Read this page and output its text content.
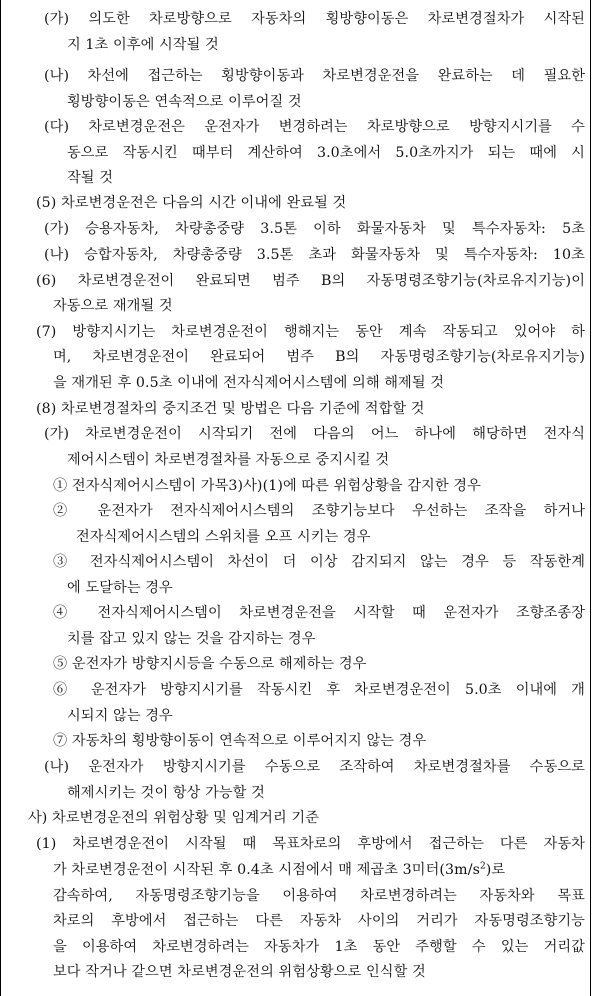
(가) 의도한 차로방향으로 자동차의 횡방향이동은 차로변경절차가 시작된
지 1초 이후에 시작될 것
(나) 차선에 접근하는 횡방향이동과 차로변경운전을 완료하는 데 필요한
횡방향이동은 연속적으로 이루어질 것
(다) 차로변경운전은 운전자가 변경하려는 차로방향으로 방향지시기를 수
동으로 작동시킨 때부터 계산하여 3.0초에서 5.0초까지가 되는 때에 시
작될 것
(5) 차로변경운전은 다음의 시간 이내에 완료될 것
(가) 승용자동차, 차량총중량 3.5톤 이하 화물자동차 및 특수자동차: 5초
(나) 승합자동차, 차량총중량 3.5톤 초과 화물자동차 및 특수자동차: 10초
(6) 차로변경운전이 완료되면 범주 B의 자동명령조향기능(차로유지기능)이
자동으로 재개될 것
(7) 방향지시기는 차로변경운전이 행해지는 동안 계속 작동되고 있어야 하
며, 차로변경운전이 완료되어 범주 B의 자동명령조향기능(차로유지기능)
을 재개된 후 0.5초 이내에 전자식제어시스템에 의해 해제될 것
(8) 차로변경절차의 중지조건 및 방법은 다음 기준에 적합할 것
(가) 차로변경운전이 시작되기 전에 다음의 어느 하나에 해당하면 전자식
제어시스템이 차로변경절차를 자동으로 중지시킬 것
① 전자식제어시스템이 가목3)사)(1)에 따른 위험상황을 감지한 경우
② 운전자가 전자식제어시스템의 조향기능보다 우선하는 조작을 하거나
전자식제어시스템의 스위치를 오프 시키는 경우
③ 전자식제어시스템이 차선이 더 이상 감지되지 않는 경우 등 작동한계
에 도달하는 경우
④ 전자식제어시스템이 차로변경운전을 시작할 때 운전자가 조향조종장
치를 잡고 있지 않는 것을 감지하는 경우
⑤ 운전자가 방향지시등을 수동으로 해제하는 경우
⑥ 운전자가 방향지시기를 작동시킨 후 차로변경운전이 5.0초 이내에 개
시되지 않는 경우
⑦ 자동차의 횡방향이동이 연속적으로 이루어지지 않는 경우
(나) 운전자가 방향지시기를 수동으로 조작하여 차로변경절차를 수동으로
해제시키는 것이 항상 가능할 것
사) 차로변경운전의 위험상황 및 임계거리 기준
(1) 차로변경운전이 시작될 때 목표차로의 후방에서 접근하는 다른 자동차
가 차로변경운전이 시작된 후 0.4초 시점에서 매 제곱초 3미터$(3m/s^2)$로
감속하여, 자동명령조향기능을 이용하여 차로변경하려는 자동차와 목표
차로의 후방에서 접근하는 다른 자동차 사이의 거리가 자동명령조향기능
을 이용하여 차로변경하려는 자동차가 1초 동안 주행할 수 있는 거리값
보다 작거나 같으면 차로변경운전의 위험상황으로 인식할 것
